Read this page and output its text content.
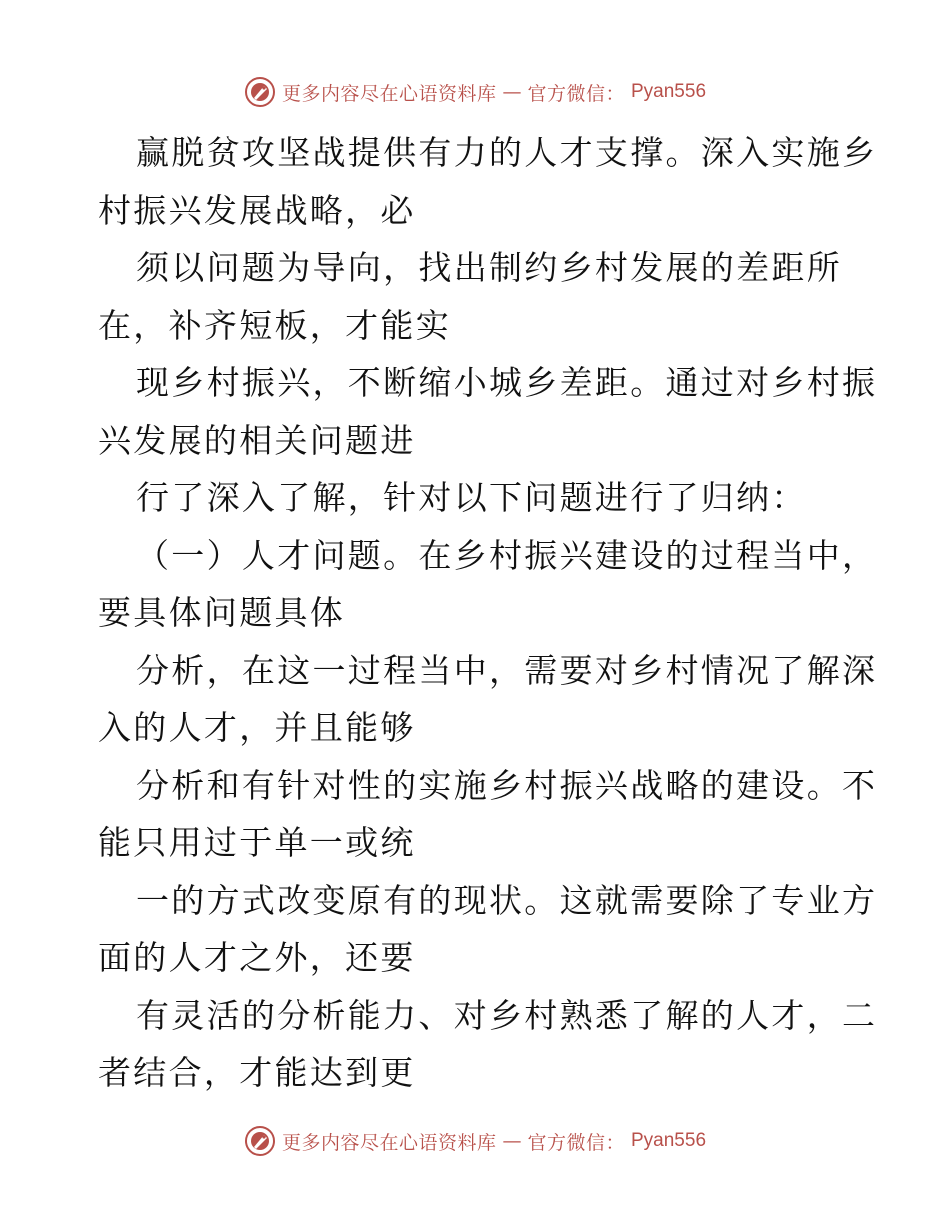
更多内容尽在心语资料库 — 官方微信： Pyan556
赢脱贫攻坚战提供有力的人才支撑。深入实施乡
村振兴发展战略，必
须以问题为导向，找出制约乡村发展的差距所
在，补齐短板，才能实
现乡村振兴，不断缩小城乡差距。通过对乡村振
兴发展的相关问题进
行了深入了解，针对以下问题进行了归纳：
（一）人才问题。在乡村振兴建设的过程当中，
要具体问题具体
分析，在这一过程当中，需要对乡村情况了解深
入的人才，并且能够
分析和有针对性的实施乡村振兴战略的建设。不
能只用过于单一或统
一的方式改变原有的现状。这就需要除了专业方
面的人才之外，还要
有灵活的分析能力、对乡村熟悉了解的人才，二
者结合，才能达到更
更多内容尽在心语资料库 — 官方微信： Pyan556
